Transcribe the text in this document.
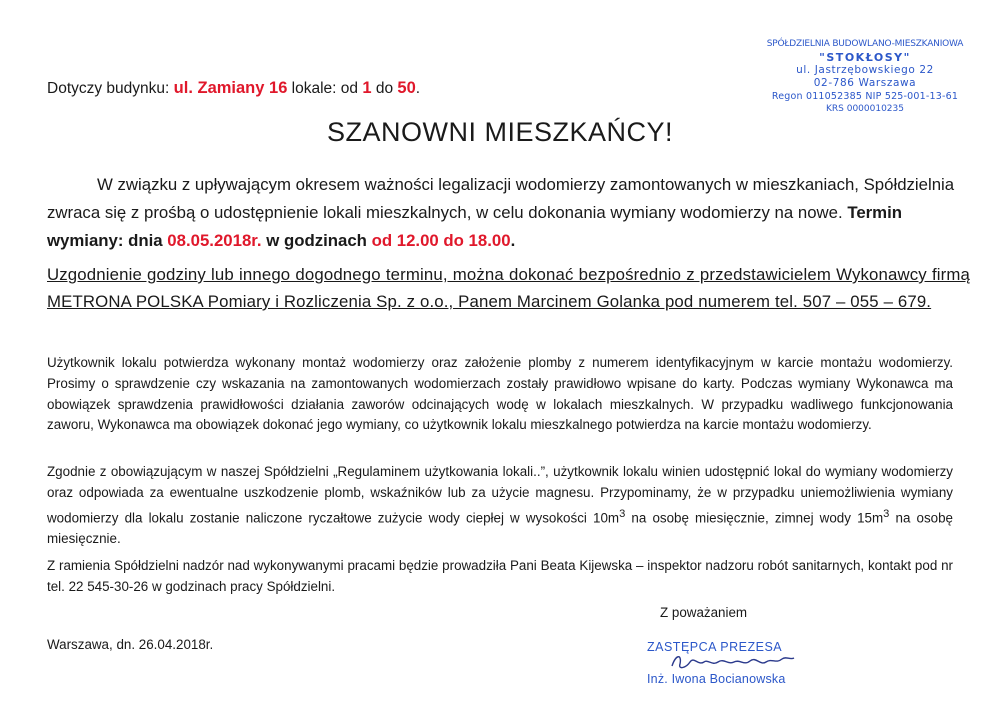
SPÓŁDZIELNIA BUDOWLANO-MIESZKANIOWA
"STOKŁOSY"
ul. Jastrzębowskiego 22
02-786 Warszawa
Regon 011052385 NIP 525-001-13-61
KRS 0000010235
Dotyczy budynku: ul. Zamiany 16 lokale: od 1 do 50.
SZANOWNI MIESZKAŃCY!
W związku z upływającym okresem ważności legalizacji wodomierzy zamontowanych w mieszkaniach, Spółdzielnia zwraca się z prośbą o udostępnienie lokali mieszkalnych, w celu dokonania wymiany wodomierzy na nowe. Termin wymiany: dnia 08.05.2018r. w godzinach od 12.00 do 18.00.
Uzgodnienie godziny lub innego dogodnego terminu, można dokonać bezpośrednio z przedstawicielem Wykonawcy firmą METRONA POLSKA Pomiary i Rozliczenia Sp. z o.o., Panem Marcinem Golanka pod numerem tel. 507 – 055 – 679.
Użytkownik lokalu potwierdza wykonany montaż wodomierzy oraz założenie plomby z numerem identyfikacyjnym w karcie montażu wodomierzy. Prosimy o sprawdzenie czy wskazania na zamontowanych wodomierzach zostały prawidłowo wpisane do karty. Podczas wymiany Wykonawca ma obowiązek sprawdzenia prawidłowości działania zaworów odcinających wodę w lokalach mieszkalnych. W przypadku wadliwego funkcjonowania zaworu, Wykonawca ma obowiązek dokonać jego wymiany, co użytkownik lokalu mieszkalnego potwierdza na karcie montażu wodomierzy.
Zgodnie z obowiązującym w naszej Spółdzielni „Regulaminem użytkowania lokali..”, użytkownik lokalu winien udostępnić lokal do wymiany wodomierzy oraz odpowiada za ewentualne uszkodzenie plomb, wskaźników lub za użycie magnesu. Przypominamy, że w przypadku uniemożliwienia wymiany wodomierzy dla lokalu zostanie naliczone ryczałtowe zużycie wody ciepłej w wysokości $10m^3$ na osobę miesięcznie, zimnej wody $15m^3$ na osobę miesięcznie.
Z ramienia Spółdzielni nadzór nad wykonywanymi pracami będzie prowadziła Pani Beata Kijewska – inspektor nadzoru robót sanitarnych, kontakt pod nr tel. 22 545-30-26 w godzinach pracy Spółdzielni.
Z poważaniem
Warszawa, dn. 26.04.2018r.	ZASTĘPCA PREZESA
Inż. Iwona Bocianowska
